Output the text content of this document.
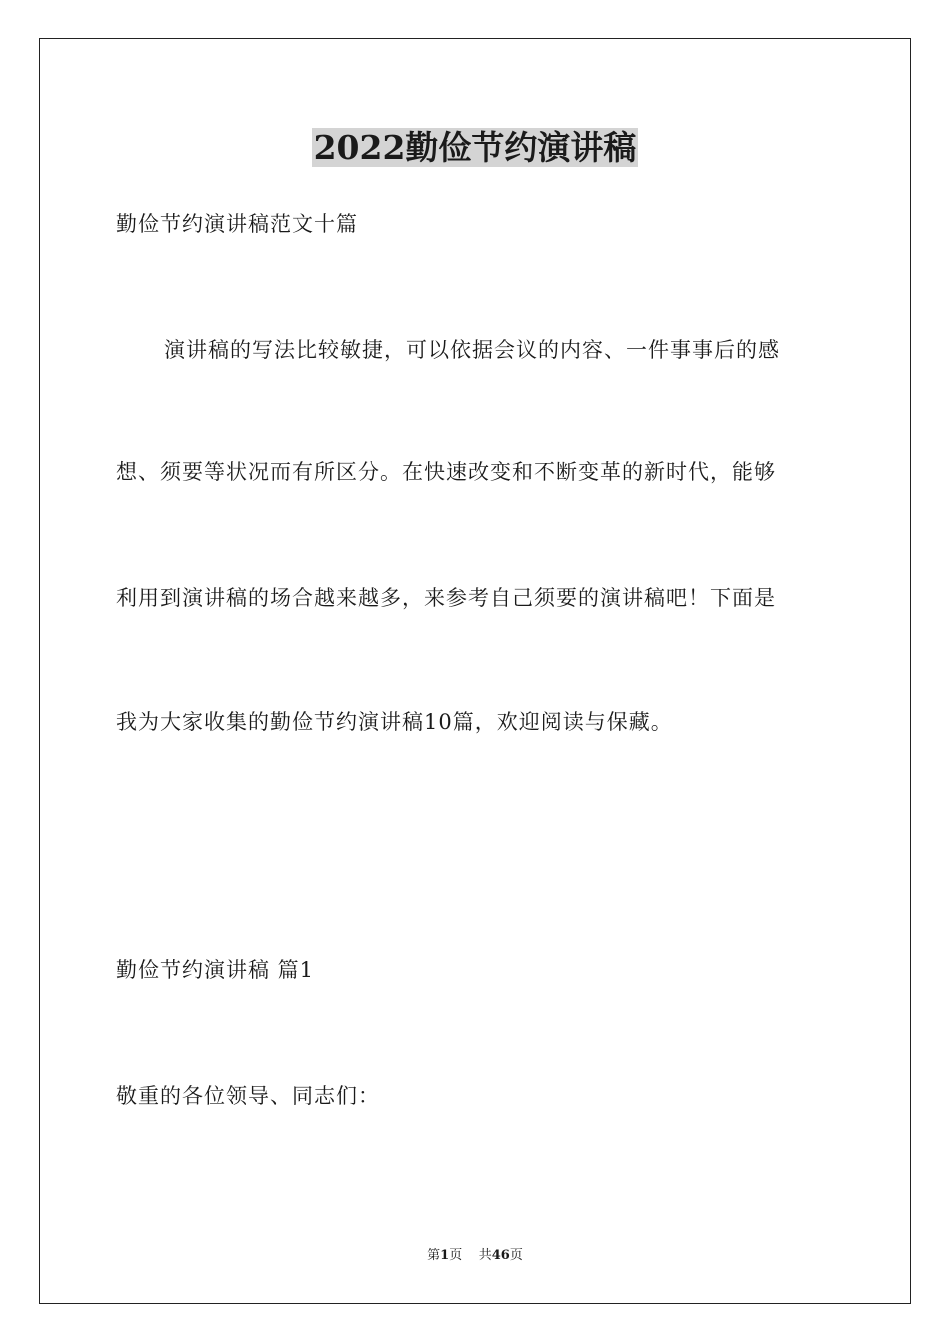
2022勤俭节约演讲稿

勤俭节约演讲稿范文十篇

演讲稿的写法比较敏捷，可以依据会议的内容、一件事事后的感

想、须要等状况而有所区分。在快速改变和不断变革的新时代，能够

利用到演讲稿的场合越来越多，来参考自己须要的演讲稿吧！下面是

我为大家收集的勤俭节约演讲稿10篇，欢迎阅读与保藏。

勤俭节约演讲稿 篇1

敬重的各位领导、同志们：

第1页 共46页
